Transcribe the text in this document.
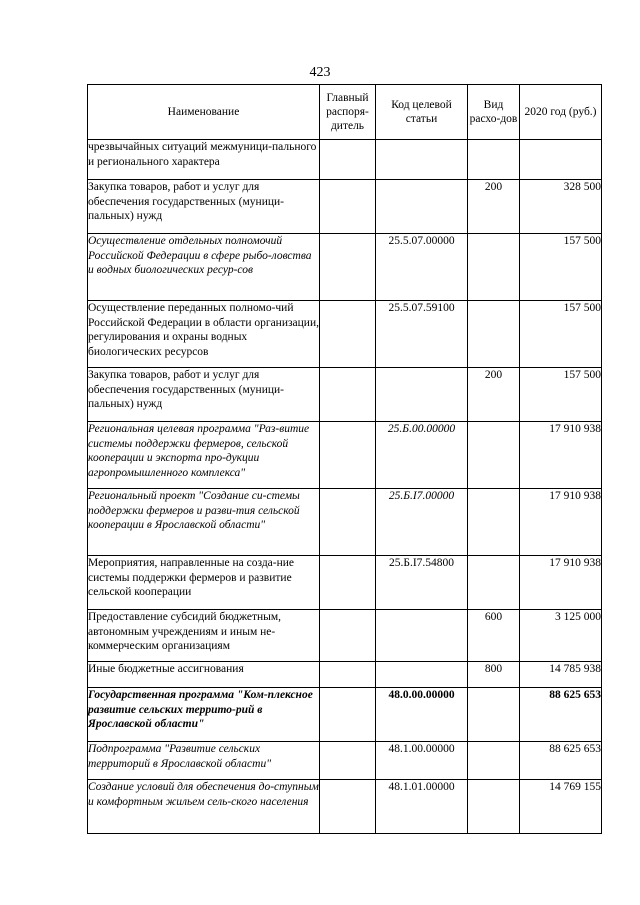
423
Наименование	Главный распоря-дитель	Код целевой статьи	Вид расхо-дов	2020 год (руб.)
чрезвычайных ситуаций межмуници-пального и регионального характера				
Закупка товаров, работ и услуг для обеспечения государственных (муници-пальных) нужд			200	328 500
Осуществление отдельных полномочий Российской Федерации в сфере рыбо-ловства и водных биологических ресур-сов		25.5.07.00000		157 500
Осуществление переданных полномо-чий Российской Федерации в области организации, регулирования и охраны водных биологических ресурсов		25.5.07.59100		157 500
Закупка товаров, работ и услуг для обеспечения государственных (муници-пальных) нужд			200	157 500
Региональная целевая программа "Раз-витие системы поддержки фермеров, сельской кооперации и экспорта про-дукции агропромышленного комплекса"		25.Б.00.00000		17 910 938
Региональный проект "Создание си-стемы поддержки фермеров и разви-тия сельской кооперации в Ярославской области"		25.Б.I7.00000		17 910 938
Мероприятия, направленные на созда-ние системы поддержки фермеров и развитие сельской кооперации		25.Б.I7.54800		17 910 938
Предоставление субсидий бюджетным, автономным учреждениям и иным не-коммерческим организациям			600	3 125 000
Иные бюджетные ассигнования			800	14 785 938
Государственная программа "Ком-плексное развитие сельских террито-рий в Ярославской области"		48.0.00.00000		88 625 653
Подпрограмма "Развитие сельских территорий в Ярославской области"		48.1.00.00000		88 625 653
Создание условий для обеспечения до-ступным и комфортным жильем сель-ского населения		48.1.01.00000		14 769 155
